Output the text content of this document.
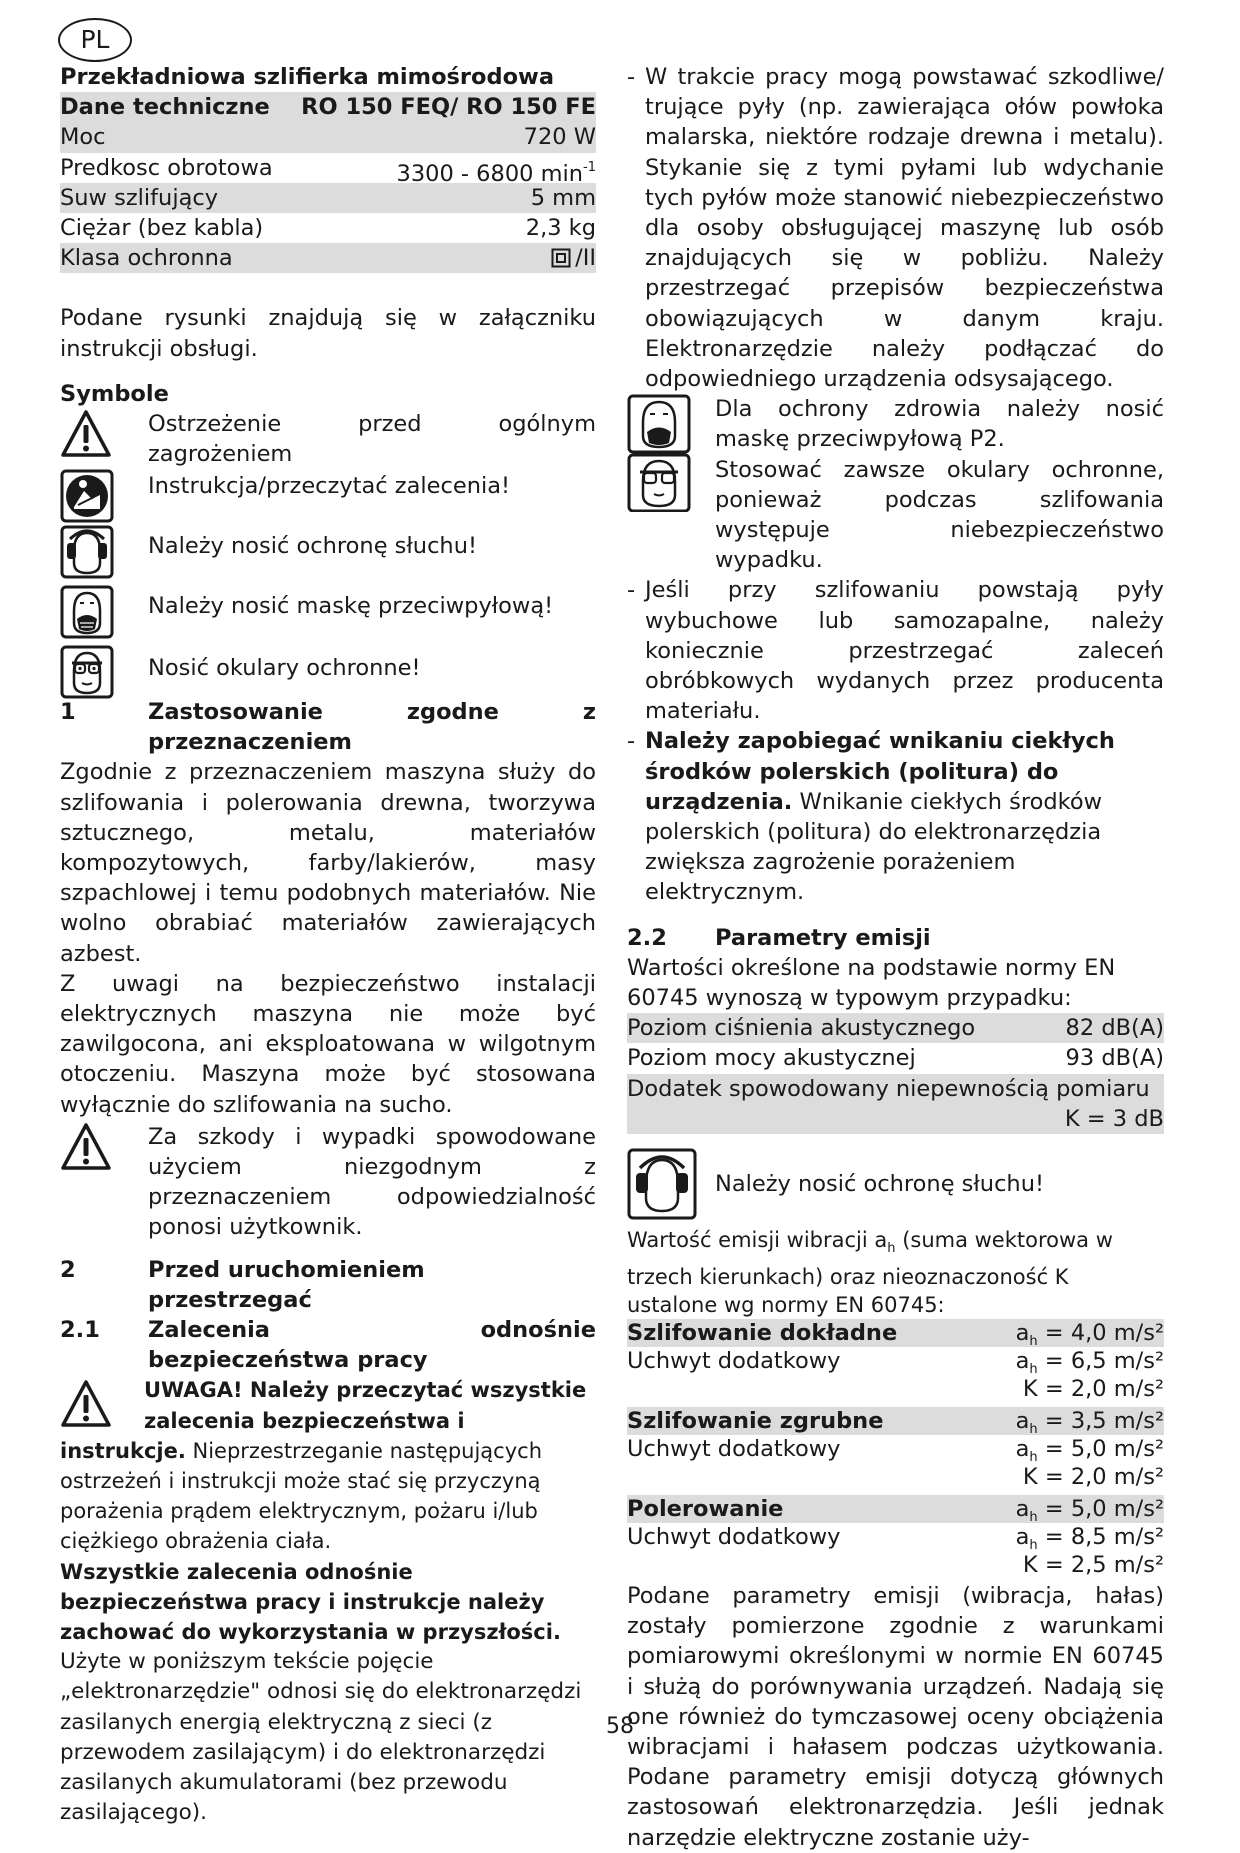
PL

Przekładniowa szlifierka mimośrodowa

Dane techniczne RO 150 FEQ/ RO 150 FE
Moc	720 W
Predkosc obrotowa	3300 - 6800 $\min^{-1}$
Suw szlifujący	5 mm
Ciężar (bez kabla)	2,3 kg
Klasa ochronna	/II

Podane rysunki znajdują się w załączniku instrukcji obsługi.

Symbole

Ostrzeżenie przed ogólnym zagrożeniem

Instrukcja/przeczytać zalecenia!

Należy nosić ochronę słuchu!

Należy nosić maskę przeciwpyłową!

Nosić okulary ochronne!

1	Zastosowanie zgodne z przeznaczeniem

Zgodnie z przeznaczeniem maszyna służy do szlifowania i polerowania drewna, tworzywa sztucznego, metalu, materiałów kompozytowych, farby/lakierów, masy szpachlowej i temu podobnych materiałów. Nie wolno obrabiać materiałów zawierających azbest.

Z uwagi na bezpieczeństwo instalacji elektrycznych maszyna nie może być zawilgocona, ani eksploatowana w wilgotnym otoczeniu. Maszyna może być stosowana wyłącznie do szlifowania na sucho.

Za szkody i wypadki spowodowane użyciem niezgodnym z przeznaczeniem odpowiedzialność ponosi użytkownik.

2	Przed uruchomieniem przestrzegać
2.1	Zalecenia odnośnie bezpieczeństwa pracy

UWAGA! Należy przeczytać wszystkie zalecenia bezpieczeństwa i instrukcje. Nieprzestrzeganie następujących ostrzeżeń i instrukcji może stać się przyczyną porażenia prądem elektrycznym, pożaru i/lub ciężkiego obrażenia ciała.

Wszystkie zalecenia odnośnie bezpieczeństwa pracy i instrukcje należy zachować do wykorzystania w przyszłości.

Użyte w poniższym tekście pojęcie „elektronarzędzie" odnosi się do elektronarzędzi zasilanych energią elektryczną z sieci (z przewodem zasilającym) i do elektronarzędzi zasilanych akumulatorami (bez przewodu zasilającego).

- W trakcie pracy mogą powstawać szkodliwe/ trujące pyły (np. zawierająca ołów powłoka malarska, niektóre rodzaje drewna i metalu). Stykanie się z tymi pyłami lub wdychanie tych pyłów może stanowić niebezpieczeństwo dla osoby obsługującej maszynę lub osób znajdujących się w pobliżu. Należy przestrzegać przepisów bezpieczeństwa obowiązujących w danym kraju. Elektronarzędzie należy podłączać do odpowiedniego urządzenia odsysającego.

Dla ochrony zdrowia należy nosić maskę przeciwpyłową P2.

Stosować zawsze okulary ochronne, ponieważ podczas szlifowania występuje niebezpieczeństwo wypadku.

- Jeśli przy szlifowaniu powstają pyły wybuchowe lub samozapalne, należy koniecznie przestrzegać zaleceń obróbkowych wydanych przez producenta materiału.

- Należy zapobiegać wnikaniu ciekłych środków polerskich (politura) do urządzenia. Wnikanie ciekłych środków polerskich (politura) do elektronarzędzia zwiększa zagrożenie porażeniem elektrycznym.

2.2	Parametry emisji

Wartości określone na podstawie normy EN 60745 wynoszą w typowym przypadku:

Poziom ciśnienia akustycznego	82 dB(A)
Poziom mocy akustycznej	93 dB(A)
Dodatek spowodowany niepewnością pomiaru
K = 3 dB

Należy nosić ochronę słuchu!

Wartość emisji wibracji $a_h$ (suma wektorowa w trzech kierunkach) oraz nieoznaczoność K ustalone wg normy EN 60745:

Szlifowanie dokładne	$a_h = 4,0$ m/s²
Uchwyt dodatkowy	$a_h = 6,5$ m/s²
K = 2,0 m/s²
Szlifowanie zgrubne	$a_h = 3,5$ m/s²
Uchwyt dodatkowy	$a_h = 5,0$ m/s²
K = 2,0 m/s²
Polerowanie	$a_h = 5,0$ m/s²
Uchwyt dodatkowy	$a_h = 8,5$ m/s²
K = 2,5 m/s²

Podane parametry emisji (wibracja, hałas) zostały pomierzone zgodnie z warunkami pomiarowymi określonymi w normie EN 60745 i służą do porównywania urządzeń. Nadają się one również do tymczasowej oceny obciążenia wibracjami i hałasem podczas użytkowania. Podane parametry emisji dotyczą głównych zastosowań elektronarzędzia. Jeśli jednak narzędzie elektryczne zostanie uży-

58
